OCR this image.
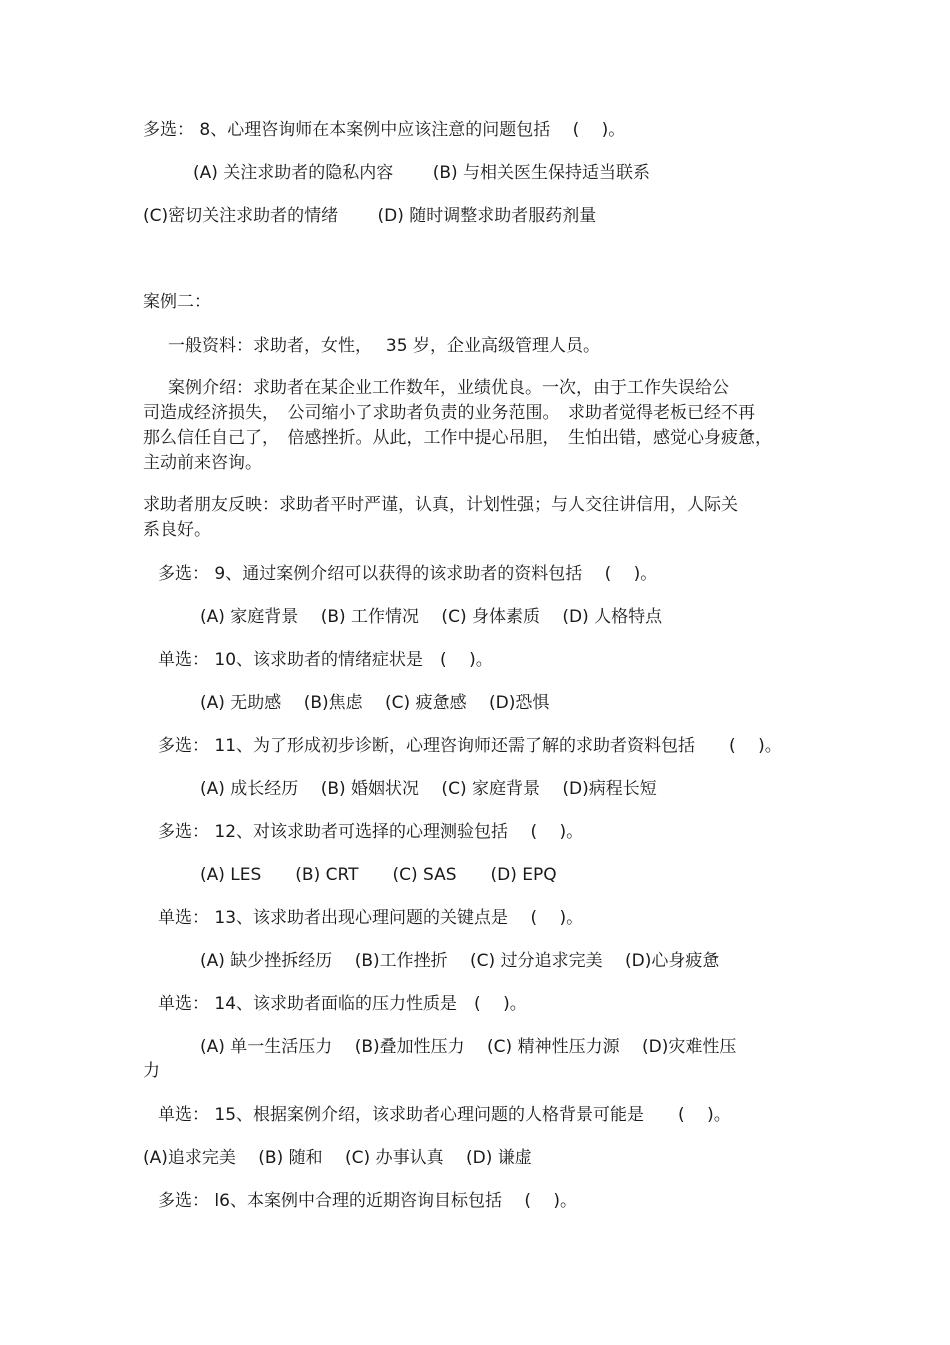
多选： 8、心理咨询师在本案例中应该注意的问题包括　 (　 )。
(A) 关注求助者的隐私内容　　 (B) 与相关医生保持适当联系
(C)密切关注求助者的情绪　　 (D) 随时调整求助者服药剂量
案例二：
一般资料：求助者，女性，　 35 岁，企业高级管理人员。
案例介绍：求助者在某企业工作数年，业绩优良。一次，由于工作失误给公
司造成经济损失，　公司缩小了求助者负责的业务范围。　求助者觉得老板已经不再
那么信任自己了，　倍感挫折。从此，工作中提心吊胆，　生怕出错，感觉心身疲惫，
主动前来咨询。
求助者朋友反映：求助者平时严谨，认真，计划性强；与人交往讲信用，人际关
系良好。
多选： 9、通过案例介绍可以获得的该求助者的资料包括　 (　 )。
(A) 家庭背景　 (B) 工作情况　 (C) 身体素质　 (D) 人格特点
单选： 10、该求助者的情绪症状是　(　 )。
(A) 无助感　 (B)焦虑　 (C) 疲惫感　 (D)恐惧
多选： 11、为了形成初步诊断，心理咨询师还需了解的求助者资料包括　　(　 )。
(A) 成长经历　 (B) 婚姻状况　 (C) 家庭背景　 (D)病程长短
多选： 12、对该求助者可选择的心理测验包括　 (　 )。
(A) LES　　(B) CRT　　(C) SAS　　(D) EPQ
单选： 13、该求助者出现心理问题的关键点是　 (　 )。
(A) 缺少挫拆经历　 (B)工作挫折　 (C) 过分追求完美　 (D)心身疲惫
单选： 14、该求助者面临的压力性质是　(　 )。
(A) 单一生活压力　 (B)叠加性压力　 (C) 精神性压力源　 (D)灾难性压
力
单选： 15、根据案例介绍，该求助者心理问题的人格背景可能是　　(　 )。
(A)追求完美　 (B) 随和　 (C) 办事认真　 (D) 谦虚
多选： l6、本案例中合理的近期咨询目标包括　 (　 )。
